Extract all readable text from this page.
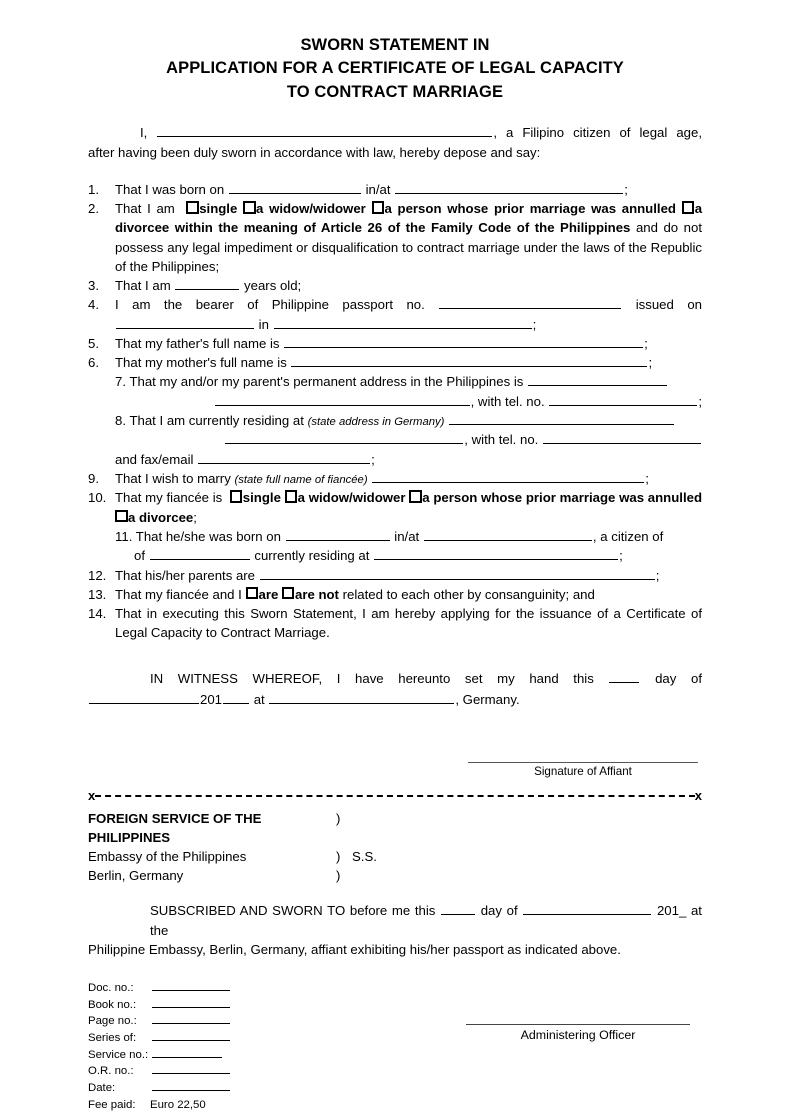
SWORN STATEMENT IN
APPLICATION FOR A CERTIFICATE OF LEGAL CAPACITY
TO CONTRACT MARRIAGE
I,	, a Filipino citizen of legal age,
after having been duly sworn in accordance with law, hereby depose and say:
1.	That I was born on	in/at	;
2.	That I am single a widow/widower a person whose prior marriage was annulled a divorcee within the meaning of Article 26 of the Family Code of the Philippines and do not possess any legal impediment or disqualification to contract marriage under the laws of the Republic of the Philippines;
3.	That I am	years old;
4.	I am the bearer of Philippine passport no.	issued on
in	;
5.	That my father's full name is	;
6.	That my mother's full name is	;
7. That my and/or my parent's permanent address in the Philippines is
, with tel. no.	;
8. That I am currently residing at (state address in Germany)
, with tel. no.
and fax/email	;
9.	That I wish to marry (state full name of fiancée)	;
10. That my fiancée is single a widow/widower a person whose prior marriage was annulled a divorcee;
11. That he/she was born on	in/at	, a citizen of
of	currently residing at	;
12. That his/her parents are	;
13. That my fiancée and I are are not related to each other by consanguinity; and
14. That in executing this Sworn Statement, I am hereby applying for the issuance of a Certificate of Legal Capacity to Contract Marriage.
IN WITNESS WHEREOF, I have hereunto set my hand this	day of
201 at	, Germany.
Signature of Affiant
x	x
FOREIGN SERVICE OF THE PHILIPPINES
)
Embassy of the Philippines	) S.S.
Berlin, Germany	)
SUBSCRIBED AND SWORN TO before me this	day of	201_ at the
Philippine Embassy, Berlin, Germany, affiant exhibiting his/her passport as indicated above.
Doc. no.:
Book no.:
Page no.:
Series of:
Service no.:
O.R. no.:
Date:
Fee paid:	Euro 22,50
Administering Officer
